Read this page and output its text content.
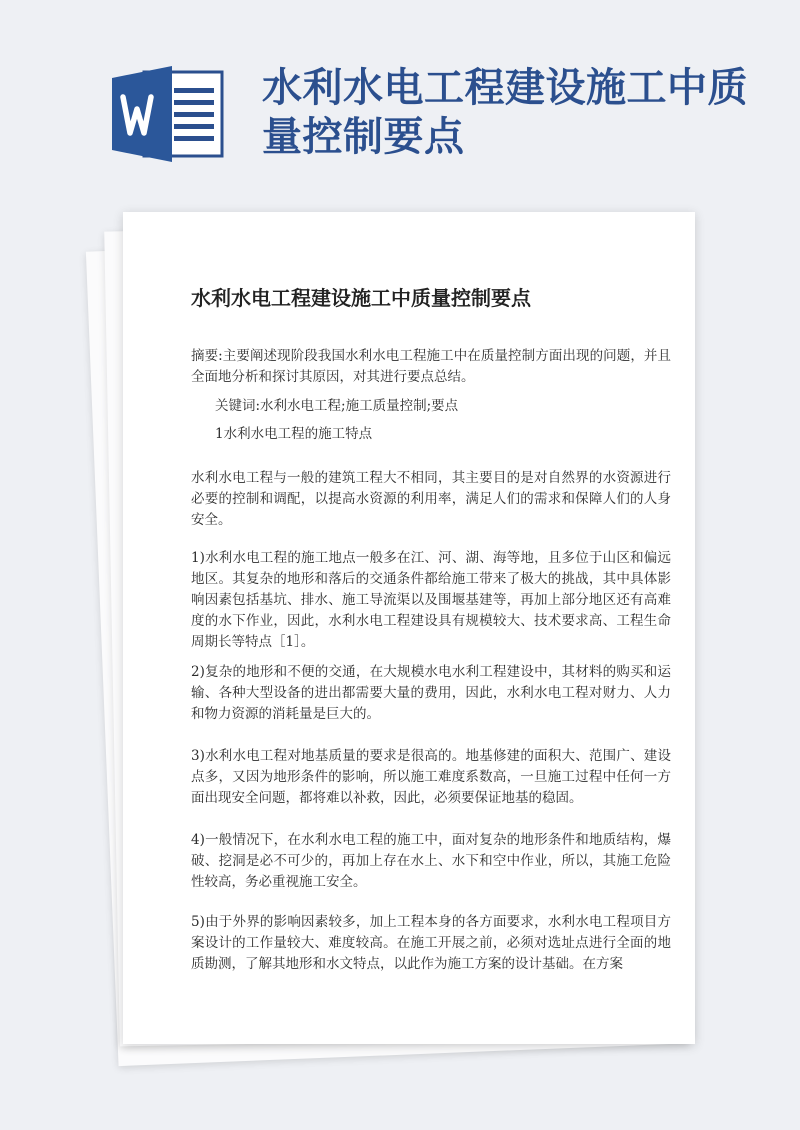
水利水电工程建设施工中质量控制要点
水利水电工程建设施工中质量控制要点
摘要:主要阐述现阶段我国水利水电工程施工中在质量控制方面出现的问题，并且全面地分析和探讨其原因，对其进行要点总结。
关键词:水利水电工程;施工质量控制;要点
1水利水电工程的施工特点
水利水电工程与一般的建筑工程大不相同，其主要目的是对自然界的水资源进行必要的控制和调配，以提高水资源的利用率，满足人们的需求和保障人们的人身安全。
1)水利水电工程的施工地点一般多在江、河、湖、海等地，且多位于山区和偏远地区。其复杂的地形和落后的交通条件都给施工带来了极大的挑战，其中具体影响因素包括基坑、排水、施工导流渠以及围堰基建等，再加上部分地区还有高难度的水下作业，因此，水利水电工程建设具有规模较大、技术要求高、工程生命周期长等特点［1］。
2)复杂的地形和不便的交通，在大规模水电水利工程建设中，其材料的购买和运输、各种大型设备的进出都需要大量的费用，因此，水利水电工程对财力、人力和物力资源的消耗量是巨大的。
3)水利水电工程对地基质量的要求是很高的。地基修建的面积大、范围广、建设点多，又因为地形条件的影响，所以施工难度系数高，一旦施工过程中任何一方面出现安全问题，都将难以补救，因此，必须要保证地基的稳固。
4)一般情况下，在水利水电工程的施工中，面对复杂的地形条件和地质结构，爆破、挖洞是必不可少的，再加上存在水上、水下和空中作业，所以，其施工危险性较高，务必重视施工安全。
5)由于外界的影响因素较多，加上工程本身的各方面要求，水利水电工程项目方案设计的工作量较大、难度较高。在施工开展之前，必须对选址点进行全面的地质勘测，了解其地形和水文特点，以此作为施工方案的设计基础。在方案
